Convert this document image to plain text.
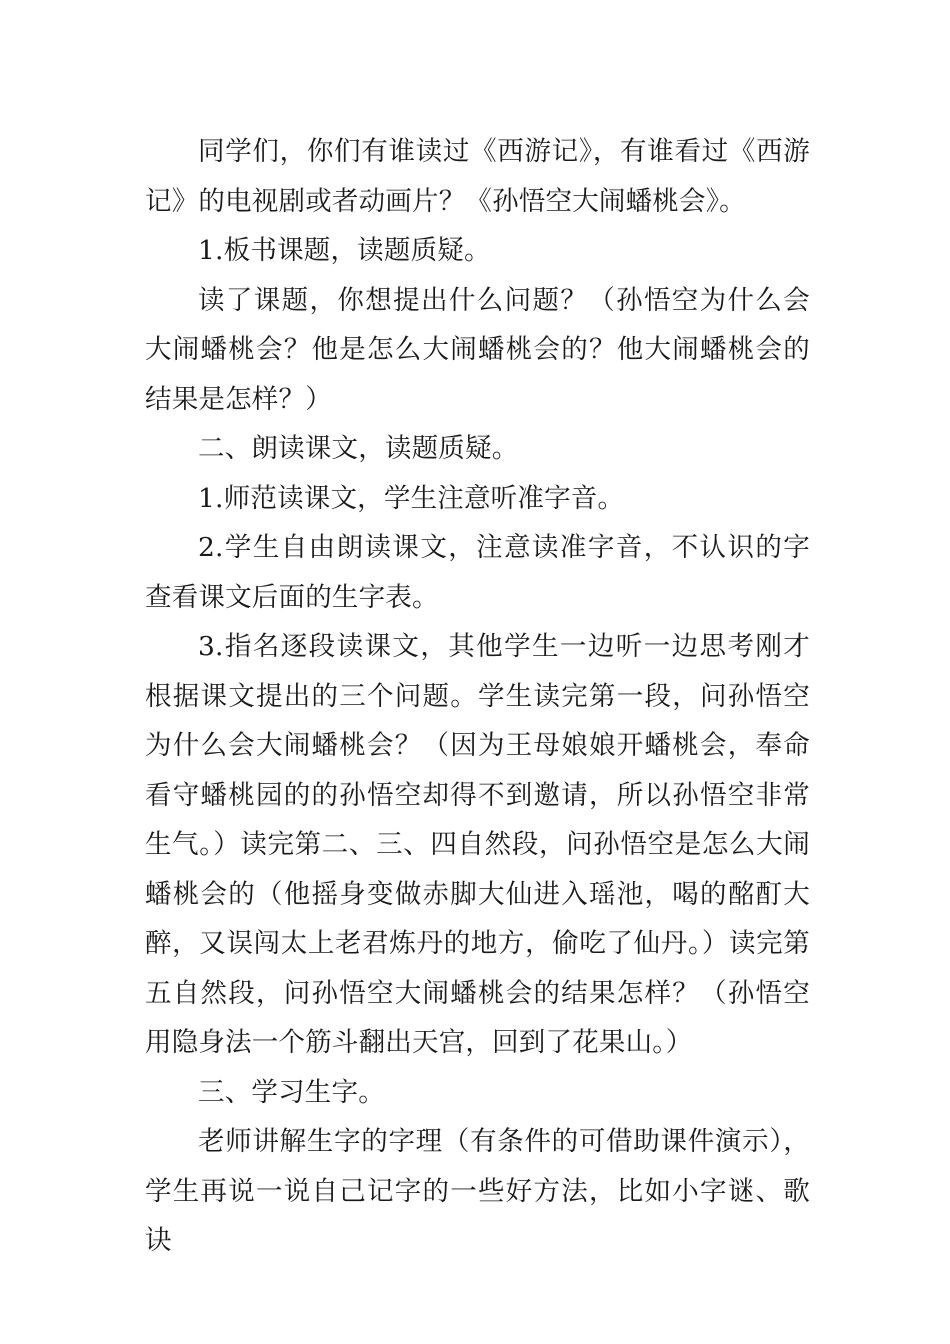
同学们，你们有谁读过《西游记》，有谁看过《西游记》的电视剧或者动画片？《孙悟空大闹蟠桃会》。

1.板书课题，读题质疑。

读了课题，你想提出什么问题？（孙悟空为什么会大闹蟠桃会？他是怎么大闹蟠桃会的？他大闹蟠桃会的结果是怎样？）

二、朗读课文，读题质疑。

1.师范读课文，学生注意听准字音。

2.学生自由朗读课文，注意读准字音，不认识的字查看课文后面的生字表。

3.指名逐段读课文，其他学生一边听一边思考刚才根据课文提出的三个问题。学生读完第一段，问孙悟空为什么会大闹蟠桃会？（因为王母娘娘开蟠桃会，奉命看守蟠桃园的的孙悟空却得不到邀请，所以孙悟空非常生气。）读完第二、三、四自然段，问孙悟空是怎么大闹蟠桃会的（他摇身变做赤脚大仙进入瑶池，喝的酩酊大醉，又误闯太上老君炼丹的地方，偷吃了仙丹。）读完第五自然段，问孙悟空大闹蟠桃会的结果怎样？（孙悟空用隐身法一个筋斗翻出天宫，回到了花果山。）

三、学习生字。

老师讲解生字的字理（有条件的可借助课件演示），学生再说一说自己记字的一些好方法，比如小字谜、歌诀
